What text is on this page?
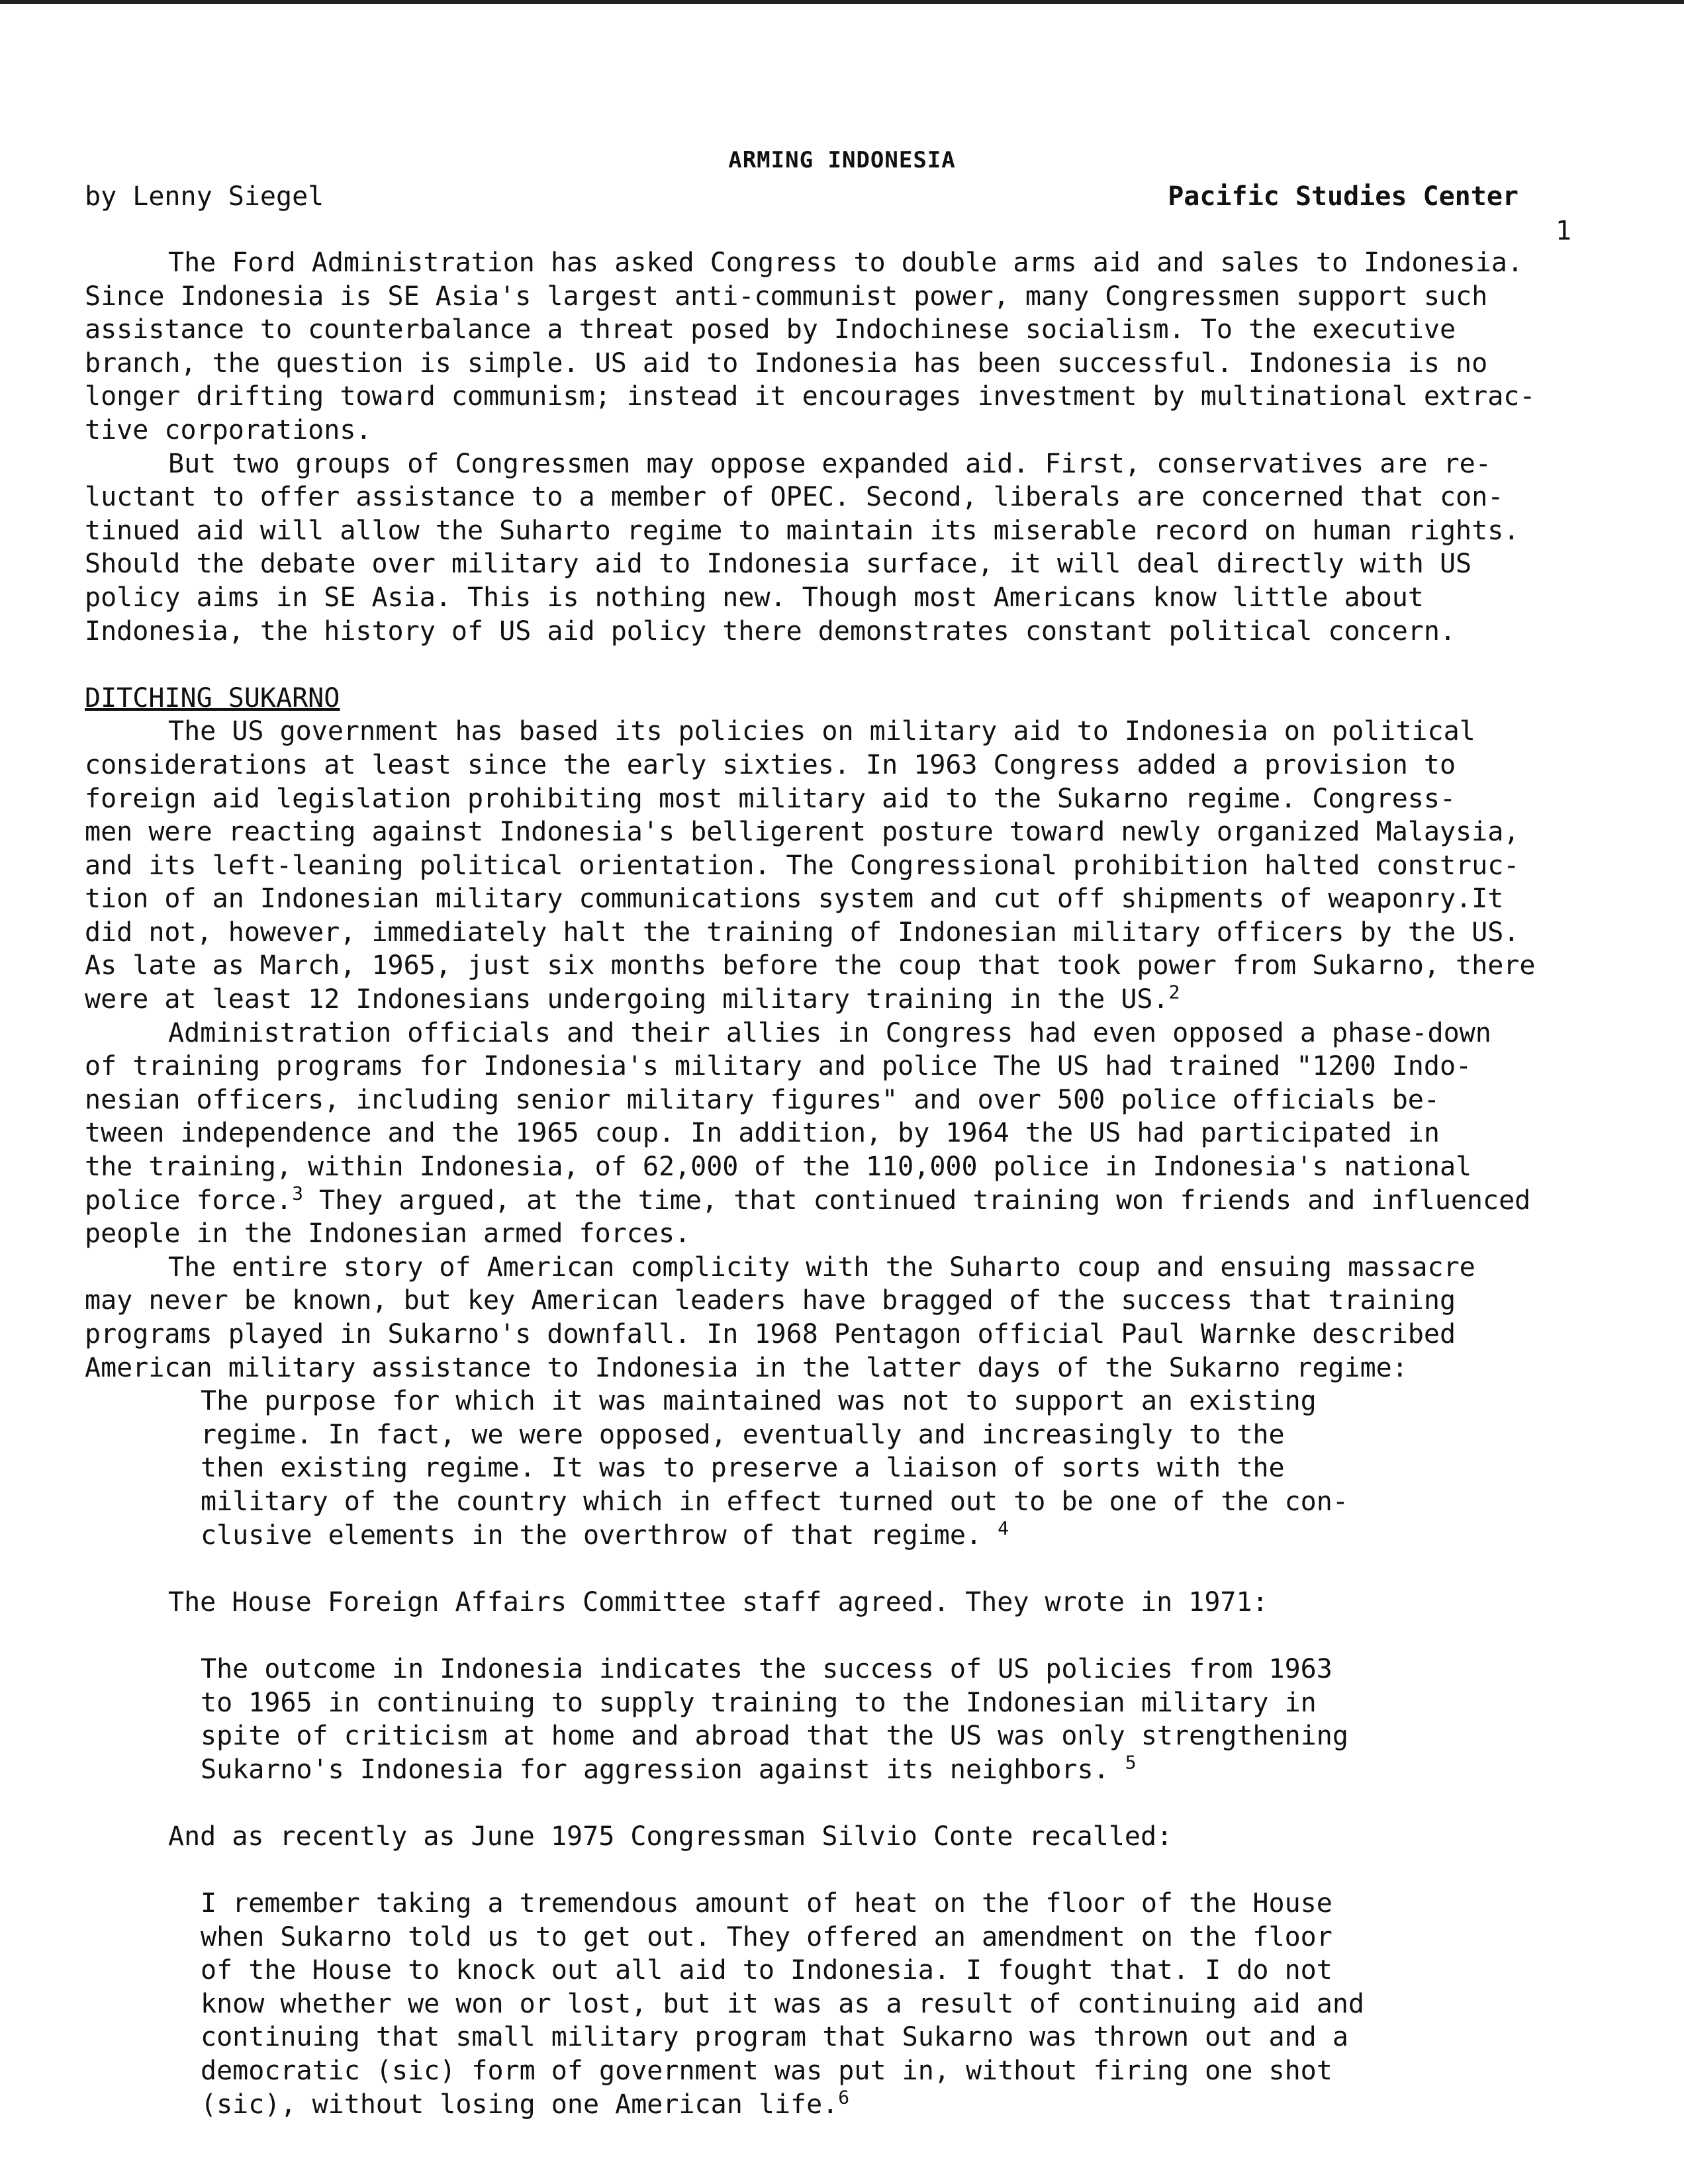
ARMING INDONESIA
by Lenny Siegel	Pacific Studies Center
1
The Ford Administration has asked Congress to double arms aid and sales to Indonesia.
Since Indonesia is SE Asia's largest anti-communist power, many Congressmen support such
assistance to counterbalance a threat posed by Indochinese socialism. To the executive
branch, the question is simple. US aid to Indonesia has been successful. Indonesia is no
longer drifting toward communism; instead it encourages investment by multinational extrac-
tive corporations.
But two groups of Congressmen may oppose expanded aid. First, conservatives are re-
luctant to offer assistance to a member of OPEC. Second, liberals are concerned that con-
tinued aid will allow the Suharto regime to maintain its miserable record on human rights.
Should the debate over military aid to Indonesia surface, it will deal directly with US
policy aims in SE Asia. This is nothing new. Though most Americans know little about
Indonesia, the history of US aid policy there demonstrates constant political concern.
DITCHING SUKARNO
The US government has based its policies on military aid to Indonesia on political
considerations at least since the early sixties. In 1963 Congress added a provision to
foreign aid legislation prohibiting most military aid to the Sukarno regime. Congress-
men were reacting against Indonesia's belligerent posture toward newly organized Malaysia,
and its left-leaning political orientation. The Congressional prohibition halted construc-
tion of an Indonesian military communications system and cut off shipments of weaponry.It
did not, however, immediately halt the training of Indonesian military officers by the US.
As late as March, 1965, just six months before the coup that took power from Sukarno, there
were at least 12 Indonesians undergoing military training in the US.$^2$
Administration officials and their allies in Congress had even opposed a phase-down
of training programs for Indonesia's military and police The US had trained "1200 Indo-
nesian officers, including senior military figures" and over 500 police officials be-
tween independence and the 1965 coup. In addition, by 1964 the US had participated in
the training, within Indonesia, of 62,000 of the 110,000 police in Indonesia's national
police force.$^3$ They argued, at the time, that continued training won friends and influenced
people in the Indonesian armed forces.
The entire story of American complicity with the Suharto coup and ensuing massacre
may never be known, but key American leaders have bragged of the success that training
programs played in Sukarno's downfall. In 1968 Pentagon official Paul Warnke described
American military assistance to Indonesia in the latter days of the Sukarno regime:
The purpose for which it was maintained was not to support an existing
regime. In fact, we were opposed, eventually and increasingly to the
then existing regime. It was to preserve a liaison of sorts with the
military of the country which in effect turned out to be one of the con-
clusive elements in the overthrow of that regime. $^4$
The House Foreign Affairs Committee staff agreed. They wrote in 1971:
The outcome in Indonesia indicates the success of US policies from 1963
to 1965 in continuing to supply training to the Indonesian military in
spite of criticism at home and abroad that the US was only strengthening
Sukarno's Indonesia for aggression against its neighbors. $^5$
And as recently as June 1975 Congressman Silvio Conte recalled:
I remember taking a tremendous amount of heat on the floor of the House
when Sukarno told us to get out. They offered an amendment on the floor
of the House to knock out all aid to Indonesia. I fought that. I do not
know whether we won or lost, but it was as a result of continuing aid and
continuing that small military program that Sukarno was thrown out and a
democratic (sic) form of government was put in, without firing one shot
(sic), without losing one American life.$^6$
